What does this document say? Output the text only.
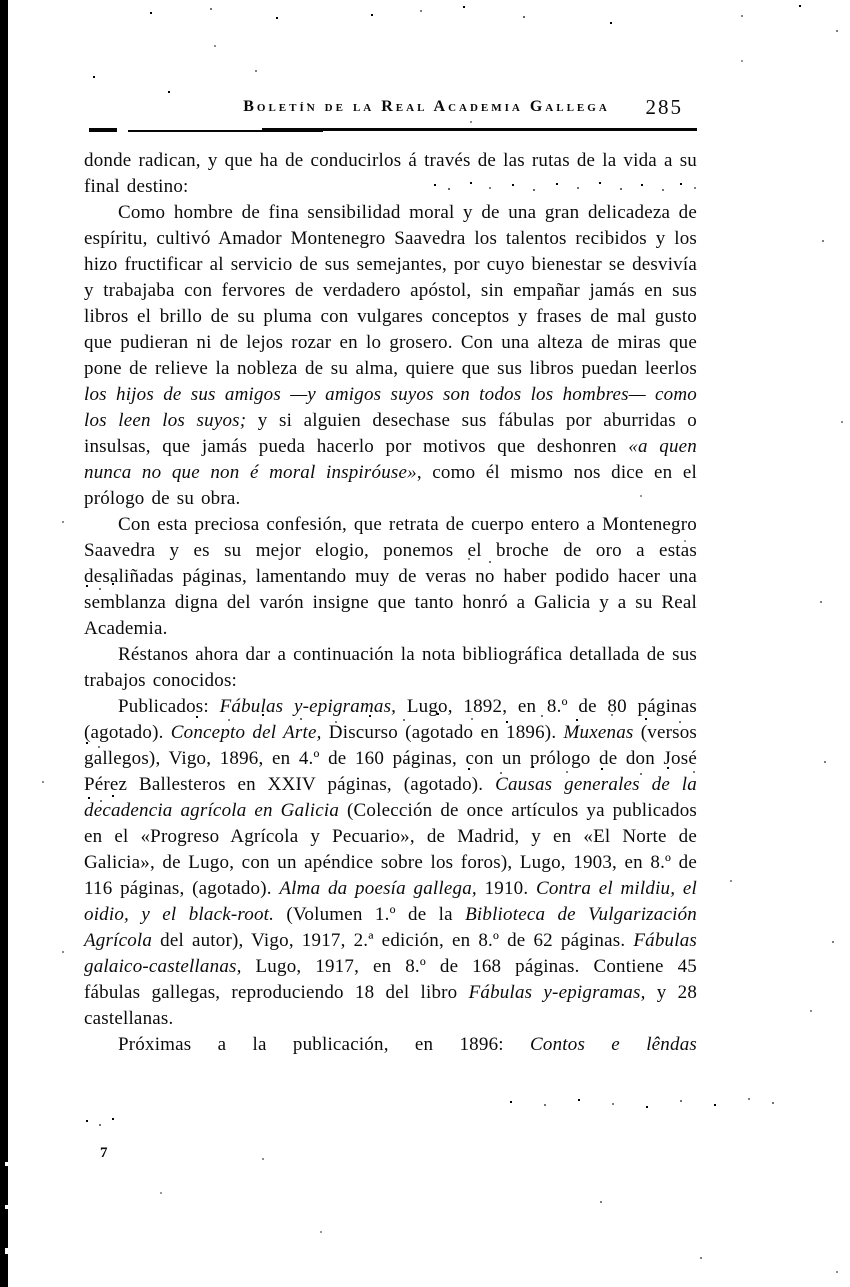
Boletín de la Real Academia Gallega 285

donde radican, y que ha de conducirlos á través de las rutas de la vida a su final destino:

Como hombre de fina sensibilidad moral y de una gran delicadeza de espíritu, cultivó Amador Montenegro Saavedra los talentos recibidos y los hizo fructificar al servicio de sus semejantes, por cuyo bienestar se desvivía y trabajaba con fervores de verdadero apóstol, sin empañar jamás en sus libros el brillo de su pluma con vulgares conceptos y frases de mal gusto que pudieran ni de lejos rozar en lo grosero. Con una alteza de miras que pone de relieve la nobleza de su alma, quiere que sus libros puedan leerlos los hijos de sus amigos —y amigos suyos son todos los hombres— como los leen los suyos; y si alguien desechase sus fábulas por aburridas o insulsas, que jamás pueda hacerlo por motivos que deshonren «a quen nunca no que non é moral inspiróuse», como él mismo nos dice en el prólogo de su obra.

Con esta preciosa confesión, que retrata de cuerpo entero a Montenegro Saavedra y es su mejor elogio, ponemos el broche de oro a estas desaliñadas páginas, lamentando muy de veras no haber podido hacer una semblanza digna del varón insigne que tanto honró a Galicia y a su Real Academia.

Réstanos ahora dar a continuación la nota bibliográfica detallada de sus trabajos conocidos:

Publicados: Fábulas y-epigramas, Lugo, 1892, en 8.º de 80 páginas (agotado). Concepto del Arte, Discurso (agotado en 1896). Muxenas (versos gallegos), Vigo, 1896, en 4.º de 160 páginas, con un prólogo de don José Pérez Ballesteros en XXIV páginas, (agotado). Causas generales de la decadencia agrícola en Galicia (Colección de once artículos ya publicados en el «Progreso Agrícola y Pecuario», de Madrid, y en «El Norte de Galicia», de Lugo, con un apéndice sobre los foros), Lugo, 1903, en 8.º de 116 páginas, (agotado). Alma da poesía gallega, 1910. Contra el mildiu, el oidio, y el black-root. (Volumen 1.º de la Biblioteca de Vulgarización Agrícola del autor), Vigo, 1917, 2.ª edición, en 8.º de 62 páginas. Fábulas galaico-castellanas, Lugo, 1917, en 8.º de 168 páginas. Contiene 45 fábulas gallegas, reproduciendo 18 del libro Fábulas y-epigramas, y 28 castellanas.

Próximas a la publicación, en 1896: Contos e lêndas

7
